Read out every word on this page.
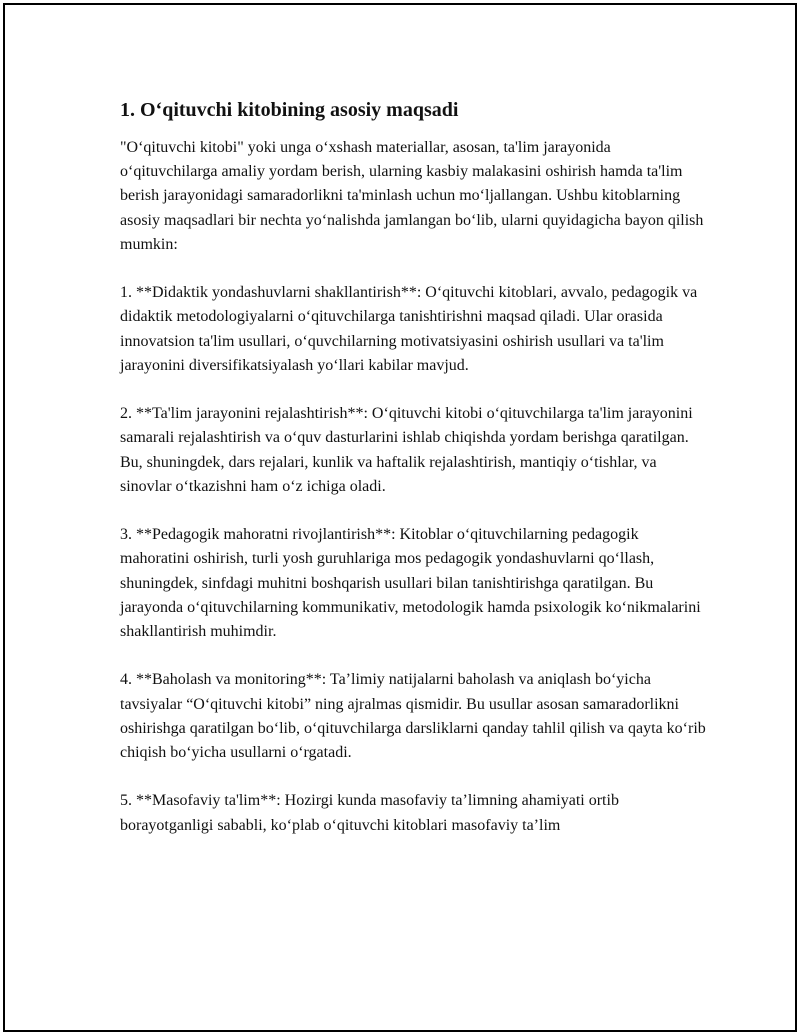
1. O‘qituvchi kitobining asosiy maqsadi

"O‘qituvchi kitobi" yoki unga o‘xshash materiallar, asosan, ta'lim jarayonida o‘qituvchilarga amaliy yordam berish, ularning kasbiy malakasini oshirish hamda ta'lim berish jarayonidagi samaradorlikni ta'minlash uchun mo‘ljallangan. Ushbu kitoblarning asosiy maqsadlari bir nechta yo‘nalishda jamlangan bo‘lib, ularni quyidagicha bayon qilish mumkin:

1. **Didaktik yondashuvlarni shakllantirish**: O‘qituvchi kitoblari, avvalo, pedagogik va didaktik metodologiyalarni o‘qituvchilarga tanishtirishni maqsad qiladi. Ular orasida innovatsion ta'lim usullari, o‘quvchilarning motivatsiyasini oshirish usullari va ta'lim jarayonini diversifikatsiyalash yo‘llari kabilar mavjud.

2. **Ta'lim jarayonini rejalashtirish**: O‘qituvchi kitobi o‘qituvchilarga ta'lim jarayonini samarali rejalashtirish va o‘quv dasturlarini ishlab chiqishda yordam berishga qaratilgan. Bu, shuningdek, dars rejalari, kunlik va haftalik rejalashtirish, mantiqiy o‘tishlar, va sinovlar o‘tkazishni ham o‘z ichiga oladi.

3. **Pedagogik mahoratni rivojlantirish**: Kitoblar o‘qituvchilarning pedagogik mahoratini oshirish, turli yosh guruhlariga mos pedagogik yondashuvlarni qo‘llash, shuningdek, sinfdagi muhitni boshqarish usullari bilan tanishtirishga qaratilgan. Bu jarayonda o‘qituvchilarning kommunikativ, metodologik hamda psixologik ko‘nikmalarini shakllantirish muhimdir.

4. **Baholash va monitoring**: Ta’limiy natijalarni baholash va aniqlash bo‘yicha tavsiyalar “O‘qituvchi kitobi” ning ajralmas qismidir. Bu usullar asosan samaradorlikni oshirishga qaratilgan bo‘lib, o‘qituvchilarga darsliklarni qanday tahlil qilish va qayta ko‘rib chiqish bo‘yicha usullarni o‘rgatadi.

5. **Masofaviy ta'lim**: Hozirgi kunda masofaviy ta’limning ahamiyati ortib borayotganligi sababli, ko‘plab o‘qituvchi kitoblari masofaviy ta’lim
